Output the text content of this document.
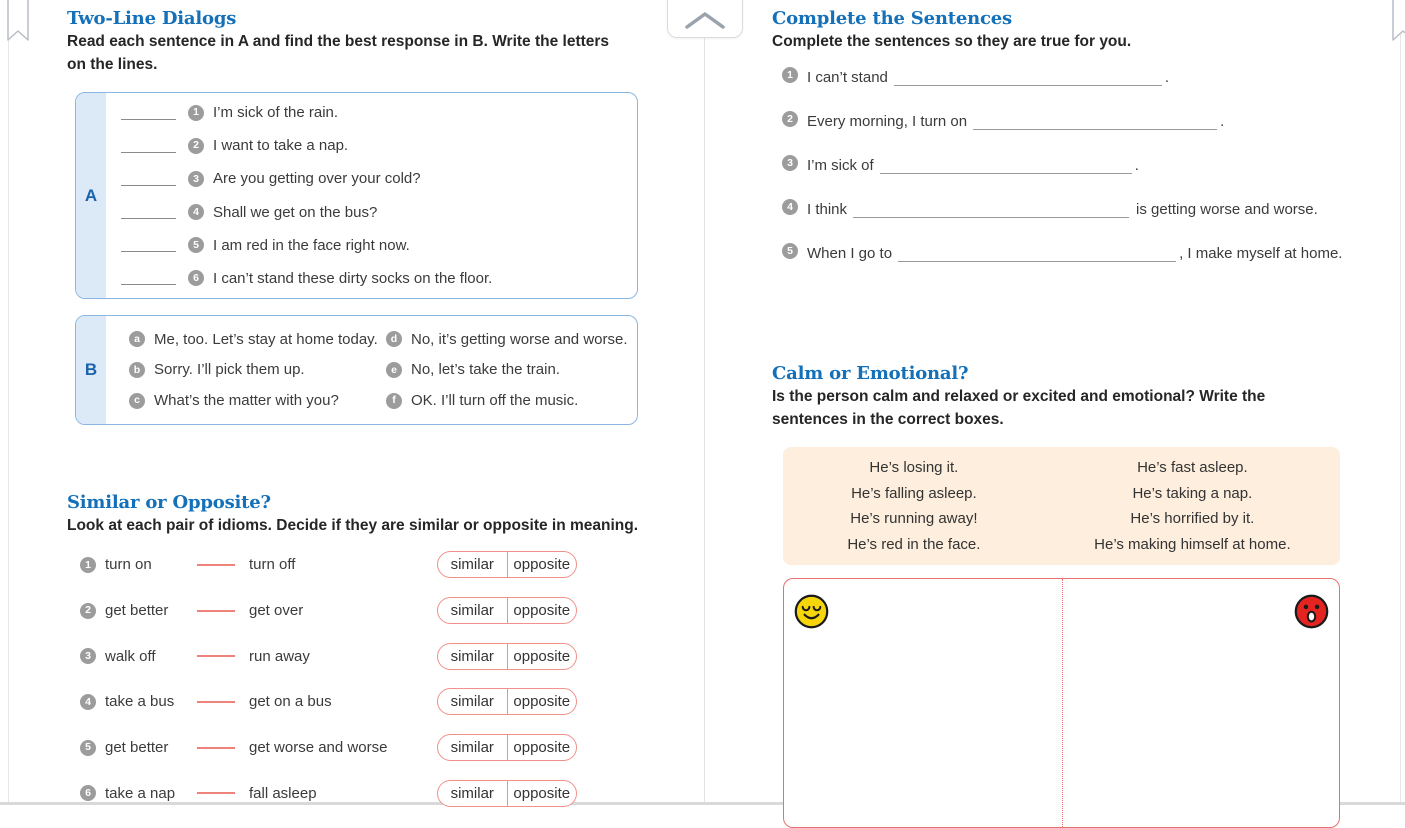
Two-Line Dialogs
Read each sentence in A and find the best response in B. Write the letters on the lines.
A
1 I’m sick of the rain.
2 I want to take a nap.
3 Are you getting over your cold?
4 Shall we get on the bus?
5 I am red in the face right now.
6 I can’t stand these dirty socks on the floor.
B
a Me, too. Let’s stay at home today.	d No, it’s getting worse and worse.
b Sorry. I’ll pick them up.	e No, let’s take the train.
c What’s the matter with you?	f	OK. I’ll turn off the music.
Similar or Opposite?
Look at each pair of idioms. Decide if they are similar or opposite in meaning.
1 turn on	turn off	similar	opposite
2 get better	get over	similar	opposite
3 walk off	run away	similar	opposite
4 take a bus	get on a bus	similar	opposite
5 get better	get worse and worse	similar	opposite
6 take a nap	fall asleep	similar	opposite
Complete the Sentences
Complete the sentences so they are true for you.
1 I can’t stand	.
2 Every morning, I turn on	.
3 I’m sick of	.
4 I think	is getting worse and worse.
5 When I go to	, I make myself at home.
Calm or Emotional?
Is the person calm and relaxed or excited and emotional? Write the sentences in the correct boxes.
He’s losing it.	He’s fast asleep.
He’s falling asleep.	He’s taking a nap.
He’s running away!	He’s horrified by it.
He’s red in the face.	He’s making himself at home.
